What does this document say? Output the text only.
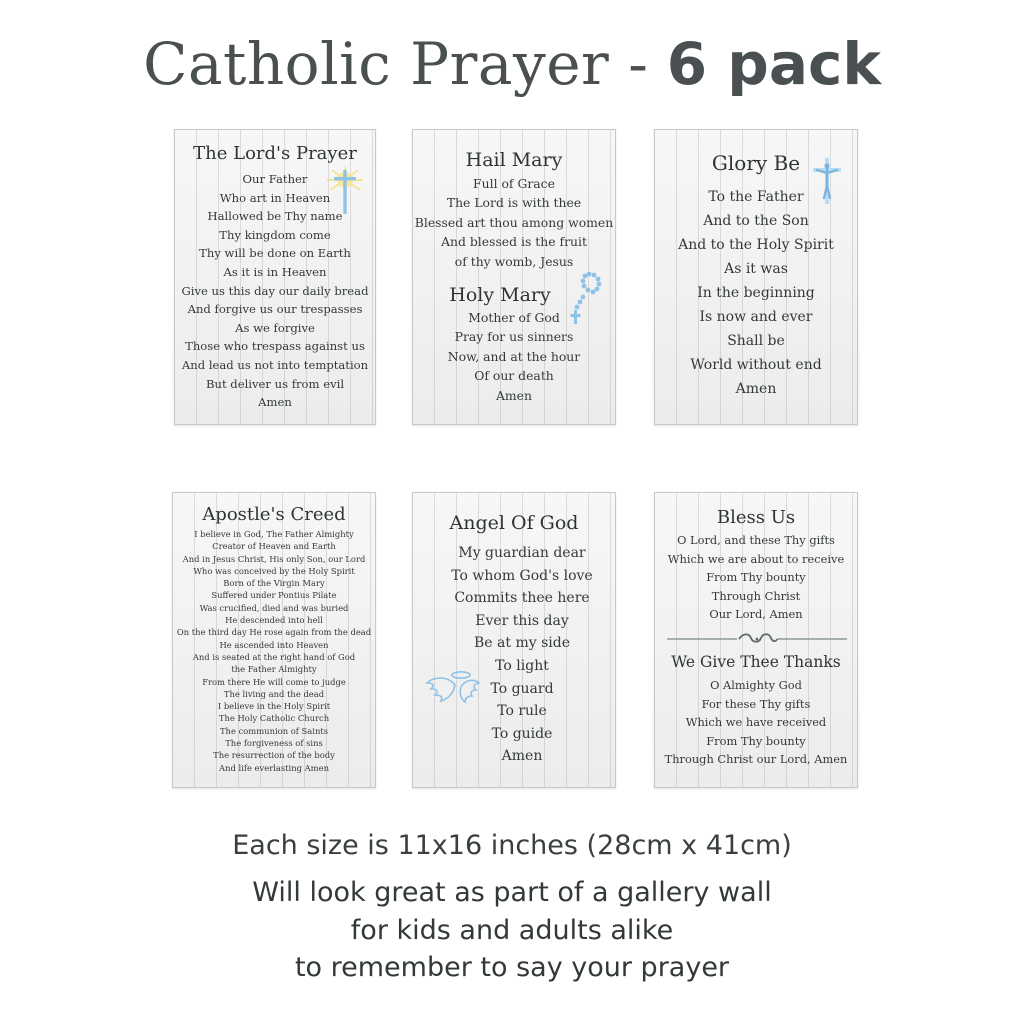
Catholic Prayer - 6 pack
The Lord's Prayer
Our Father
Who art in Heaven
Hallowed be Thy name
Thy kingdom come
Thy will be done on Earth
As it is in Heaven
Give us this day our daily bread
And forgive us our trespasses
As we forgive
Those who trespass against us
And lead us not into temptation
But deliver us from evil
Amen
Hail Mary
Full of Grace
The Lord is with thee
Blessed art thou among women
And blessed is the fruit
of thy womb, Jesus
Holy Mary
Mother of God
Pray for us sinners
Now, and at the hour
Of our death
Amen
Glory Be
To the Father
And to the Son
And to the Holy Spirit
As it was
In the beginning
Is now and ever
Shall be
World without end
Amen
Apostle's Creed
I believe in God, The Father Almighty
Creator of Heaven and Earth
And in Jesus Christ, His only Son, our Lord
Who was conceived by the Holy Spirit
Born of the Virgin Mary
Suffered under Pontius Pilate
Was crucified, died and was buried
He descended into hell
On the third day He rose again from the dead
He ascended into Heaven
And is seated at the right hand of God
the Father Almighty
From there He will come to judge
The living and the dead
I believe in the Holy Spirit
The Holy Catholic Church
The communion of Saints
The forgiveness of sins
The resurrection of the body
And life everlasting Amen
Angel Of God
My guardian dear
To whom God's love
Commits thee here
Ever this day
Be at my side
To light
To guard
To rule
To guide
Amen
Bless Us
O Lord, and these Thy gifts
Which we are about to receive
From Thy bounty
Through Christ
Our Lord, Amen
We Give Thee Thanks
O Almighty God
For these Thy gifts
Which we have received
From Thy bounty
Through Christ our Lord, Amen
Each size is 11x16 inches (28cm x 41cm)
Will look great as part of a gallery wall
for kids and adults alike
to remember to say your prayer
